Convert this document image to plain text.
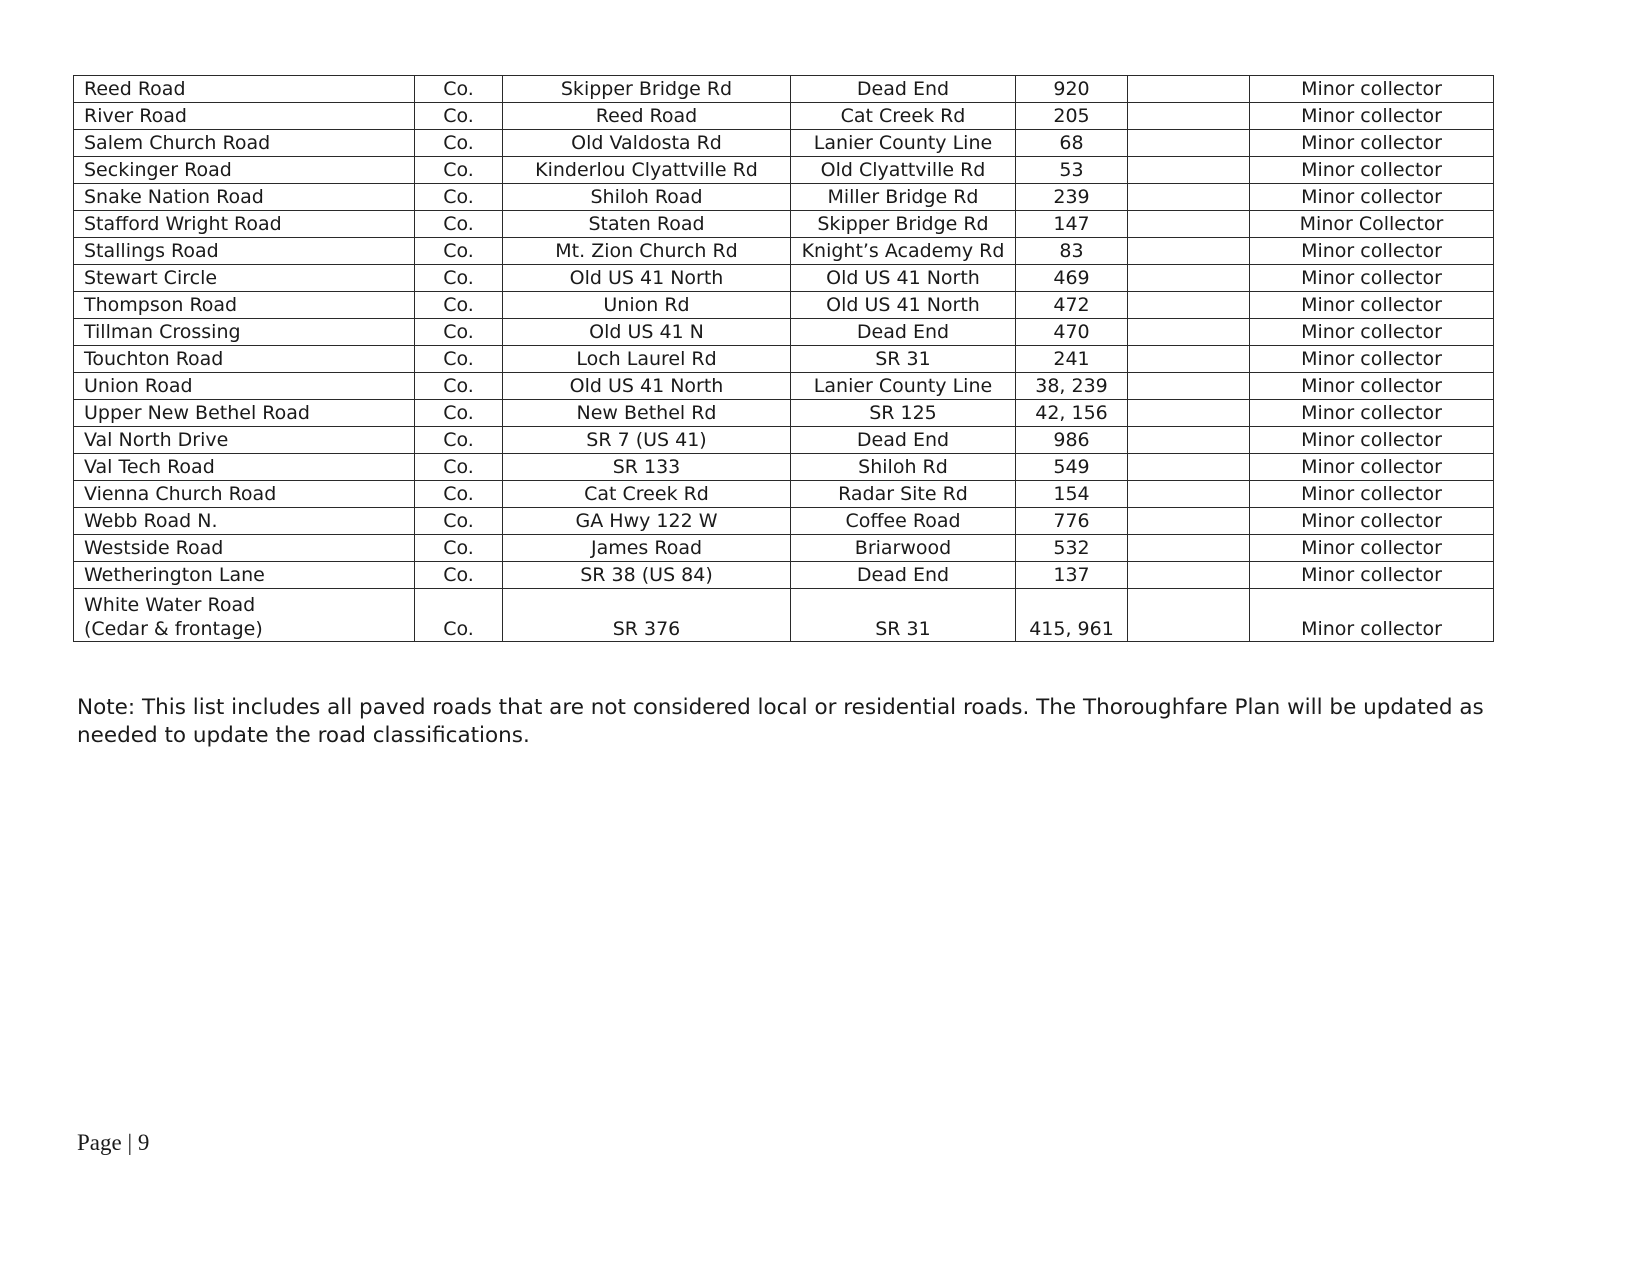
Reed Road	Co.	Skipper Bridge Rd	Dead End	920		Minor collector
River Road	Co.	Reed Road	Cat Creek Rd	205		Minor collector
Salem Church Road	Co.	Old Valdosta Rd	Lanier County Line	68		Minor collector
Seckinger Road	Co.	Kinderlou Clyattville Rd	Old Clyattville Rd	53		Minor collector
Snake Nation Road	Co.	Shiloh Road	Miller Bridge Rd	239		Minor collector
Stafford Wright Road	Co.	Staten Road	Skipper Bridge Rd	147		Minor Collector
Stallings Road	Co.	Mt. Zion Church Rd	Knight’s Academy Rd	83		Minor collector
Stewart Circle	Co.	Old US 41 North	Old US 41 North	469		Minor collector
Thompson Road	Co.	Union Rd	Old US 41 North	472		Minor collector
Tillman Crossing	Co.	Old US 41 N	Dead End	470		Minor collector
Touchton Road	Co.	Loch Laurel Rd	SR 31	241		Minor collector
Union Road	Co.	Old US 41 North	Lanier County Line	38, 239		Minor collector
Upper New Bethel Road	Co.	New Bethel Rd	SR 125	42, 156		Minor collector
Val North Drive	Co.	SR 7 (US 41)	Dead End	986		Minor collector
Val Tech Road	Co.	SR 133	Shiloh Rd	549		Minor collector
Vienna Church Road	Co.	Cat Creek Rd	Radar Site Rd	154		Minor collector
Webb Road N.	Co.	GA Hwy 122 W	Coffee Road	776		Minor collector
Westside Road	Co.	James Road	Briarwood	532		Minor collector
Wetherington Lane	Co.	SR 38 (US 84)	Dead End	137		Minor collector
White Water Road
(Cedar & frontage)	Co.	SR 376	SR 31	415, 961		Minor collector

Note: This list includes all paved roads that are not considered local or residential roads. The Thoroughfare Plan will be updated as needed to update the road classifications.

Page | 9
